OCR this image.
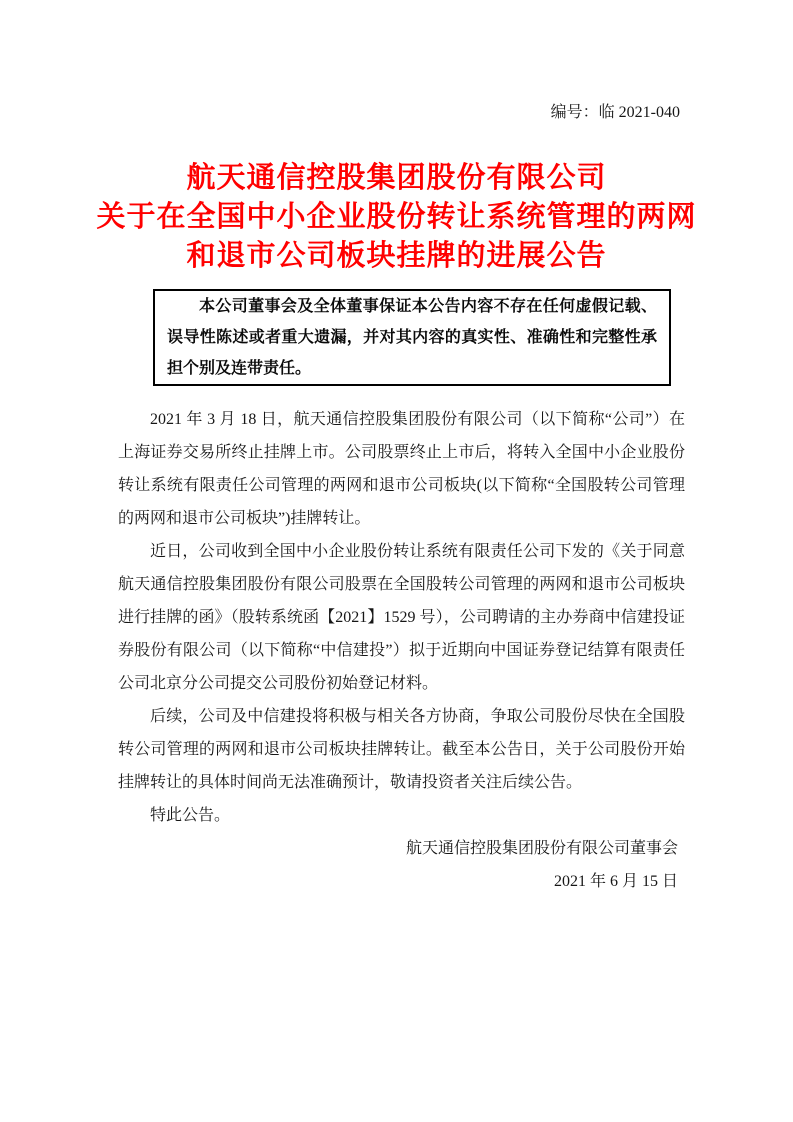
编号：临 2021-040
航天通信控股集团股份有限公司
关于在全国中小企业股份转让系统管理的两网
和退市公司板块挂牌的进展公告
本公司董事会及全体董事保证本公告内容不存在任何虚假记载、误导性陈述或者重大遗漏，并对其内容的真实性、准确性和完整性承担个别及连带责任。

2021 年 3 月 18 日，航天通信控股集团股份有限公司（以下简称“公司”）在上海证券交易所终止挂牌上市。公司股票终止上市后，将转入全国中小企业股份转让系统有限责任公司管理的两网和退市公司板块(以下简称“全国股转公司管理的两网和退市公司板块”)挂牌转让。

近日，公司收到全国中小企业股份转让系统有限责任公司下发的《关于同意航天通信控股集团股份有限公司股票在全国股转公司管理的两网和退市公司板块进行挂牌的函》（股转系统函【2021】1529 号），公司聘请的主办券商中信建投证券股份有限公司（以下简称“中信建投”）拟于近期向中国证券登记结算有限责任公司北京分公司提交公司股份初始登记材料。

后续，公司及中信建投将积极与相关各方协商，争取公司股份尽快在全国股转公司管理的两网和退市公司板块挂牌转让。截至本公告日，关于公司股份开始挂牌转让的具体时间尚无法准确预计，敬请投资者关注后续公告。

特此公告。

航天通信控股集团股份有限公司董事会
2021 年 6 月 15 日
